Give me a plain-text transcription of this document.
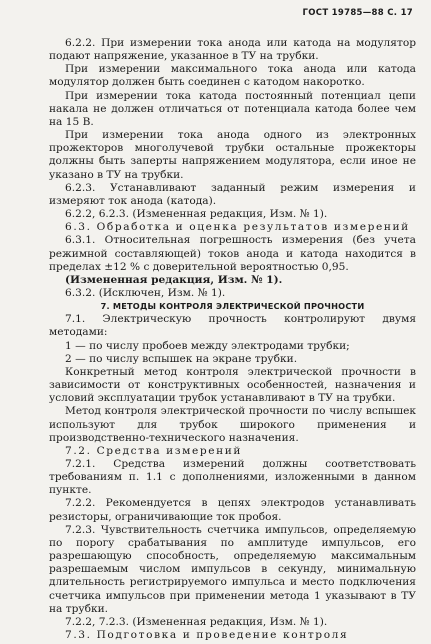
ГОСТ 19785—88 С. 17

6.2.2. При измерении тока анода или катода на модулятор подают напряжение, указанное в ТУ на трубки.

При измерении максимального тока анода или катода модулятор должен быть соединен с катодом накоротко.

При измерении тока катода постоянный потенциал цепи накала не должен отличаться от потенциала катода более чем на 15 В.

При измерении тока анода одного из электронных прожекторов многолучевой трубки остальные прожекторы должны быть заперты напряжением модулятора, если иное не указано в ТУ на трубки.

6.2.3. Устанавливают заданный режим измерения и измеряют ток анода (катода).

6.2.2, 6.2.3. (Измененная редакция, Изм. № 1).

6.3. Обработка и оценка результатов измерений

6.3.1. Относительная погрешность измерения (без учета режимной составляющей) токов анода и катода находится в пределах ±12 % с доверительной вероятностью 0,95.

(Измененная редакция, Изм. № 1).

6.3.2. (Исключен, Изм. № 1).

7. МЕТОДЫ КОНТРОЛЯ ЭЛЕКТРИЧЕСКОЙ ПРОЧНОСТИ

7.1. Электрическую прочность контролируют двумя методами:

1 — по числу пробоев между электродами трубки;

2 — по числу вспышек на экране трубки.

Конкретный метод контроля электрической прочности в зависимости от конструктивных особенностей, назначения и условий эксплуатации трубок устанавливают в ТУ на трубки.

Метод контроля электрической прочности по числу вспышек используют для трубок широкого применения и производственно-технического назначения.

7.2. Средства измерений

7.2.1. Средства измерений должны соответствовать требованиям п. 1.1 с дополнениями, изложенными в данном пункте.

7.2.2. Рекомендуется в цепях электродов устанавливать резисторы, ограничивающие ток пробоя.

7.2.3. Чувствительность счетчика импульсов, определяемую по порогу срабатывания по амплитуде импульсов, его разрешающую способность, определяемую максимальным разрешаемым числом импульсов в секунду, минимальную длительность регистрируемого импульса и место подключения счетчика импульсов при применении метода 1 указывают в ТУ на трубки.

7.2.2, 7.2.3. (Измененная редакция, Изм. № 1).

7.3. Подготовка и проведение контроля
